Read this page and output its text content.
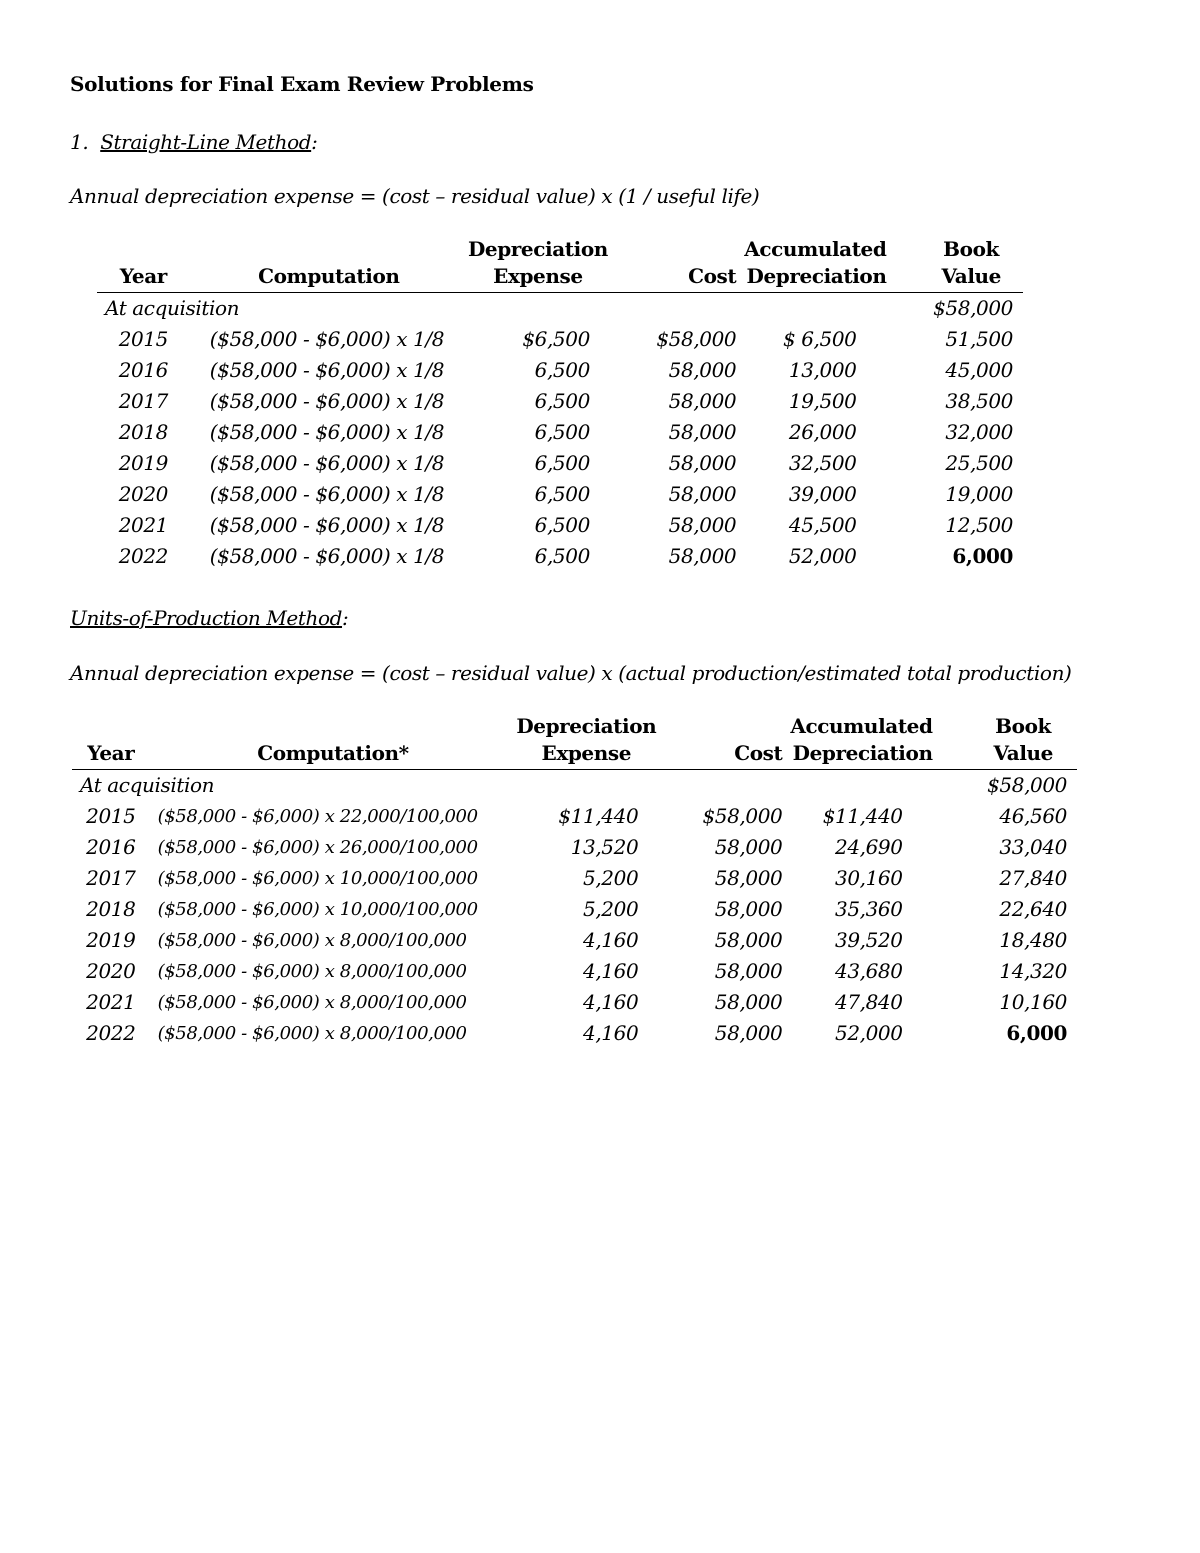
Solutions for Final Exam Review Problems
1. Straight-Line Method:
Annual depreciation expense = (cost – residual value) x (1 / useful life)
		Depreciation		Accumulated	Book
Year	Computation	Expense	Cost	Depreciation	Value
At acquisition					$58,000
2015	($58,000 - $6,000) x 1/8	$6,500	$58,000	$ 6,500	51,500
2016	($58,000 - $6,000) x 1/8	6,500	58,000	13,000	45,000
2017	($58,000 - $6,000) x 1/8	6,500	58,000	19,500	38,500
2018	($58,000 - $6,000) x 1/8	6,500	58,000	26,000	32,000
2019	($58,000 - $6,000) x 1/8	6,500	58,000	32,500	25,500
2020	($58,000 - $6,000) x 1/8	6,500	58,000	39,000	19,000
2021	($58,000 - $6,000) x 1/8	6,500	58,000	45,500	12,500
2022	($58,000 - $6,000) x 1/8	6,500	58,000	52,000	6,000
Units-of-Production Method:
Annual depreciation expense = (cost – residual value) x (actual production/estimated total production)
		Depreciation		Accumulated	Book
Year	Computation*	Expense	Cost	Depreciation	Value
At acquisition					$58,000
2015	($58,000 - $6,000) x 22,000/100,000	$11,440	$58,000	$11,440	46,560
2016	($58,000 - $6,000) x 26,000/100,000	13,520	58,000	24,690	33,040
2017	($58,000 - $6,000) x 10,000/100,000	5,200	58,000	30,160	27,840
2018	($58,000 - $6,000) x 10,000/100,000	5,200	58,000	35,360	22,640
2019	($58,000 - $6,000) x 8,000/100,000	4,160	58,000	39,520	18,480
2020	($58,000 - $6,000) x 8,000/100,000	4,160	58,000	43,680	14,320
2021	($58,000 - $6,000) x 8,000/100,000	4,160	58,000	47,840	10,160
2022	($58,000 - $6,000) x 8,000/100,000	4,160	58,000	52,000	6,000
